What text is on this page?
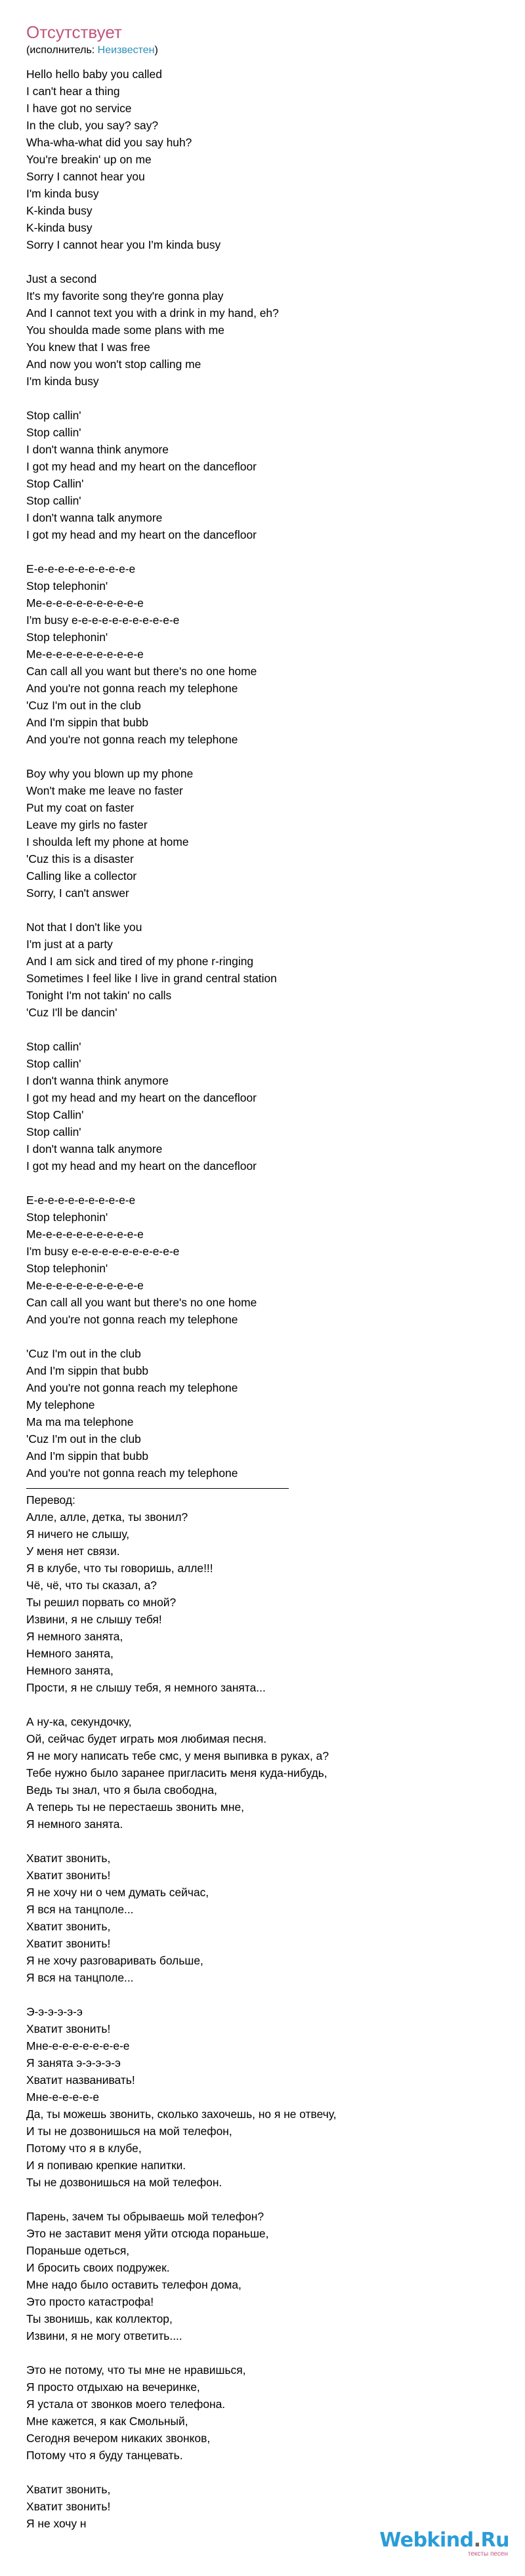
Отсутствует
(исполнитель: Неизвестен)
Hello hello baby you called
I can't hear a thing
I have got no service
In the club, you say? say?
Wha-wha-what did you say huh?
You're breakin' up on me
Sorry I cannot hear you
I'm kinda busy
K-kinda busy
K-kinda busy
Sorry I cannot hear you I'm kinda busy
Just a second
It's my favorite song they're gonna play
And I cannot text you with a drink in my hand, eh?
You shoulda made some plans with me
You knew that I was free
And now you won't stop calling me
I'm kinda busy
Stop callin'
Stop callin'
I don't wanna think anymore
I got my head and my heart on the dancefloor
Stop Callin'
Stop callin'
I don't wanna talk anymore
I got my head and my heart on the dancefloor
E-e-e-e-e-e-e-e-e-e-e
Stop telephonin'
Me-e-e-e-e-e-e-e-e-e-e
I'm busy e-e-e-e-e-e-e-e-e-e-e
Stop telephonin'
Me-e-e-e-e-e-e-e-e-e-e
Can call all you want but there's no one home
And you're not gonna reach my telephone
'Cuz I'm out in the club
And I'm sippin that bubb
And you're not gonna reach my telephone
Boy why you blown up my phone
Won't make me leave no faster
Put my coat on faster
Leave my girls no faster
I shoulda left my phone at home
'Cuz this is a disaster
Calling like a collector
Sorry, I can't answer
Not that I don't like you
I'm just at a party
And I am sick and tired of my phone r-ringing
Sometimes I feel like I live in grand central station
Tonight I'm not takin' no calls
'Cuz I'll be dancin'
Stop callin'
Stop callin'
I don't wanna think anymore
I got my head and my heart on the dancefloor
Stop Callin'
Stop callin'
I don't wanna talk anymore
I got my head and my heart on the dancefloor
E-e-e-e-e-e-e-e-e-e-e
Stop telephonin'
Me-e-e-e-e-e-e-e-e-e-e
I'm busy e-e-e-e-e-e-e-e-e-e-e
Stop telephonin'
Me-e-e-e-e-e-e-e-e-e-e
Can call all you want but there's no one home
And you're not gonna reach my telephone
'Cuz I'm out in the club
And I'm sippin that bubb
And you're not gonna reach my telephone
My telephone
Ma ma ma telephone
'Cuz I'm out in the club
And I'm sippin that bubb
And you're not gonna reach my telephone
Перевод:
Алле, алле, детка, ты звонил?
Я ничего не слышу,
У меня нет связи.
Я в клубе, что ты говоришь, алле!!!
Чё, чё, что ты сказал, а?
Ты решил порвать со мной?
Извини, я не слышу тебя!
Я немного занята,
Немного занята,
Немного занята,
Прости, я не слышу тебя, я немного занята...
А ну-ка, секундочку,
Ой, сейчас будет играть моя любимая песня.
Я не могу написать тебе смс, у меня выпивка в руках, а?
Тебе нужно было заранее пригласить меня куда-нибудь,
Ведь ты знал, что я была свободна,
А теперь ты не перестаешь звонить мне,
Я немного занята.
Хватит звонить,
Хватит звонить!
Я не хочу ни о чем думать сейчас,
Я вся на танцполе...
Хватит звонить,
Хватит звонить!
Я не хочу разговаривать больше,
Я вся на танцполе...
Э-э-э-э-э-э
Хватит звонить!
Мне-е-е-е-е-е-е-е-е
Я занята э-э-э-э-э
Хватит названивать!
Мне-е-е-е-е-е
Да, ты можешь звонить, сколько захочешь, но я не отвечу,
И ты не дозвонишься на мой телефон,
Потому что я в клубе,
И я попиваю крепкие напитки.
Ты не дозвонишься на мой телефон.
Парень, зачем ты обрываешь мой телефон?
Это не заставит меня уйти отсюда пораньше,
Пораньше одеться,
И бросить своих подружек.
Мне надо было оставить телефон дома,
Это просто катастрофа!
Ты звонишь, как коллектор,
Извини, я не могу ответить....
Это не потому, что ты мне не нравишься,
Я просто отдыхаю на вечеринке,
Я устала от звонков моего телефона.
Мне кажется, я как Смольный,
Сегодня вечером никаких звонков,
Потому что я буду танцевать.
Хватит звонить,
Хватит звонить!
Я не хочу н
Webkind.Ru
тексты песен
